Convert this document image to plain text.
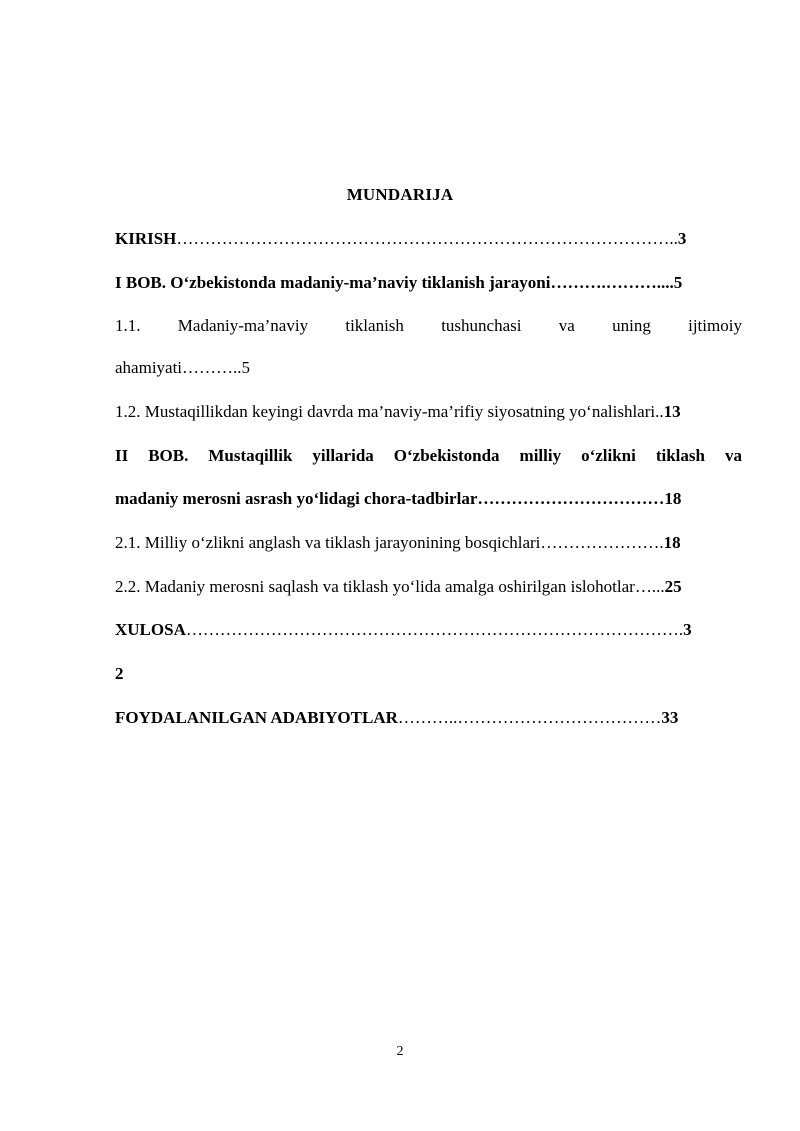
MUNDARIJA
KIRISH……………………………………………………………………………..3
I BOB. O‘zbekistonda madaniy-ma’naviy tiklanish jarayoni……….………....5
1.1. Madaniy-ma’naviy tiklanish tushunchasi va uning ijtimoiy
ahamiyati………..5
1.2. Mustaqillikdan keyingi davrda ma’naviy-ma’rifiy siyosatning yo‘nalishlari..13
II BOB. Mustaqillik yillarida O‘zbekistonda milliy o‘zlikni tiklash va
madaniy merosni asrash yo‘lidagi chora-tadbirlar……………………………18
2.1. Milliy o‘zlikni anglash va tiklash jarayonining bosqichlari………………….18
2.2. Madaniy merosni saqlash va tiklash yo‘lida amalga oshirilgan islohotlar…...25
XULOSA…………………………………………………………………………….3
2
FOYDALANILGAN ADABIYOTLAR………..………………………………33
2
